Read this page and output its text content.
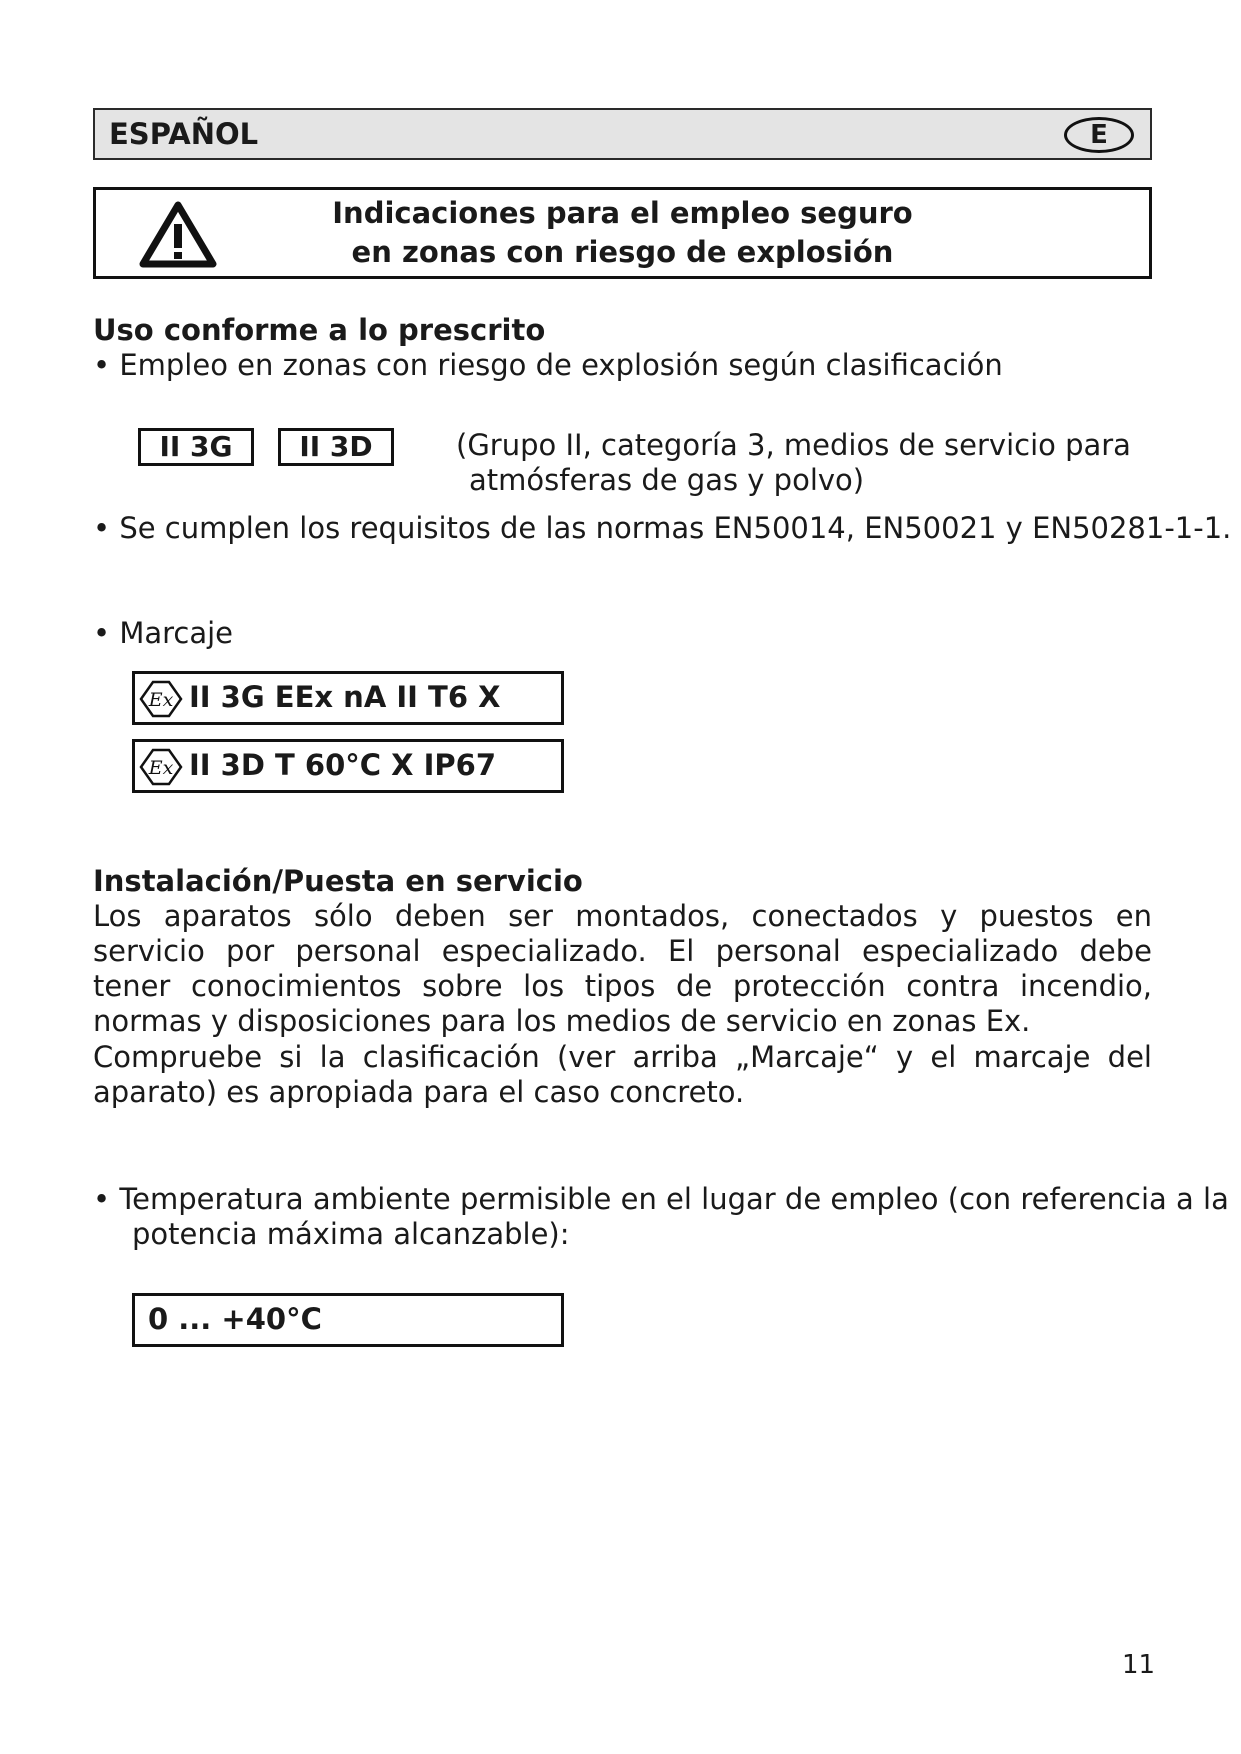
ESPAÑOL	E
Indicaciones para el empleo seguro
en zonas con riesgo de explosión
Uso conforme a lo prescrito
• Empleo en zonas con riesgo de explosión según clasificación
II 3G	II 3D	(Grupo II, categoría 3, medios de servicio para
atmósferas de gas y polvo)
• Se cumplen los requisitos de las normas EN50014, EN50021 y EN50281-1-1.
• Marcaje
Ex II 3G EEx nA II T6 X
Ex II 3D T 60°C X IP67
Instalación/Puesta en servicio
Los aparatos sólo deben ser montados, conectados y puestos en servicio por personal especializado. El personal especializado debe tener conocimientos sobre los tipos de protección contra incendio, normas y disposiciones para los medios de servicio en zonas Ex.
Compruebe si la clasificación (ver arriba „Marcaje“ y el marcaje del aparato) es apropiada para el caso concreto.
• Temperatura ambiente permisible en el lugar de empleo (con referencia a la
potencia máxima alcanzable):
0 ... +40°C
11
